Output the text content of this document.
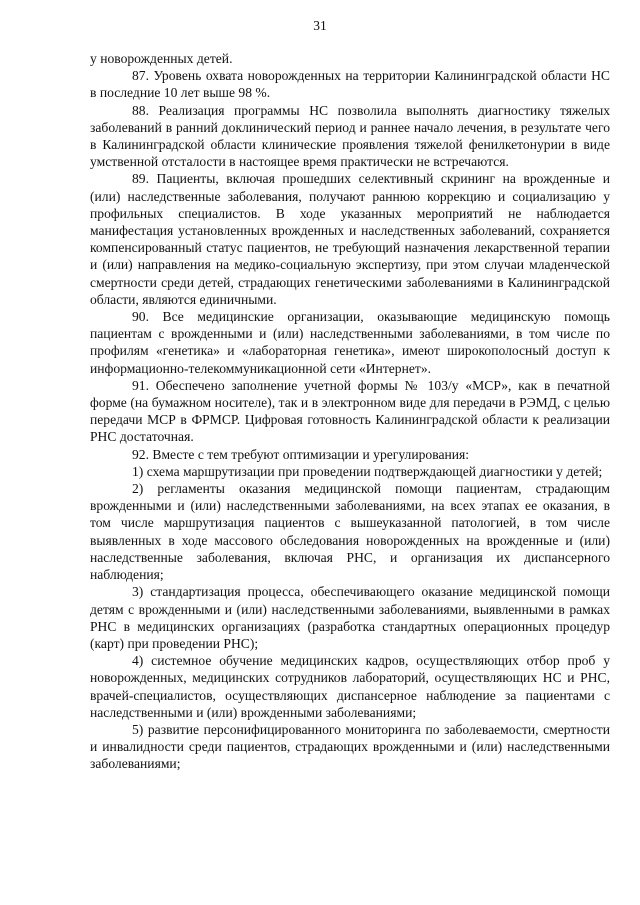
31

у новорожденных детей.

87. Уровень охвата новорожденных на территории Калининградской области НС в последние 10 лет выше 98 %.

88. Реализация программы НС позволила выполнять диагностику тяжелых заболеваний в ранний доклинический период и раннее начало лечения, в результате чего в Калининградской области клинические проявления тяжелой фенилкетонурии в виде умственной отсталости в настоящее время практически не встречаются.

89. Пациенты, включая прошедших селективный скрининг на врожденные и (или) наследственные заболевания, получают раннюю коррекцию и социализацию у профильных специалистов. В ходе указанных мероприятий не наблюдается манифестация установленных врожденных и наследственных заболеваний, сохраняется компенсированный статус пациентов, не требующий назначения лекарственной терапии и (или) направления на медико-социальную экспертизу, при этом случаи младенческой смертности среди детей, страдающих генетическими заболеваниями в Калининградской области, являются единичными.

90. Все медицинские организации, оказывающие медицинскую помощь пациентам с врожденными и (или) наследственными заболеваниями, в том числе по профилям «генетика» и «лабораторная генетика», имеют широкополосный доступ к информационно-телекоммуникационной сети «Интернет».

91. Обеспечено заполнение учетной формы № 103/у «МСР», как в печатной форме (на бумажном носителе), так и в электронном виде для передачи в РЭМД, с целью передачи МСР в ФРМСР. Цифровая готовность Калининградской области к реализации РНС достаточная.

92. Вместе с тем требуют оптимизации и урегулирования:

1) схема маршрутизации при проведении подтверждающей диагностики у детей;

2) регламенты оказания медицинской помощи пациентам, страдающим врожденными и (или) наследственными заболеваниями, на всех этапах ее оказания, в том числе маршрутизация пациентов с вышеуказанной патологией, в том числе выявленных в ходе массового обследования новорожденных на врожденные и (или) наследственные заболевания, включая РНС, и организация их диспансерного наблюдения;

3) стандартизация процесса, обеспечивающего оказание медицинской помощи детям с врожденными и (или) наследственными заболеваниями, выявленными в рамках РНС в медицинских организациях (разработка стандартных операционных процедур (карт) при проведении РНС);

4) системное обучение медицинских кадров, осуществляющих отбор проб у новорожденных, медицинских сотрудников лабораторий, осуществляющих НС и РНС, врачей-специалистов, осуществляющих диспансерное наблюдение за пациентами с наследственными и (или) врожденными заболеваниями;

5) развитие персонифицированного мониторинга по заболеваемости, смертности и инвалидности среди пациентов, страдающих врожденными и (или) наследственными заболеваниями;
